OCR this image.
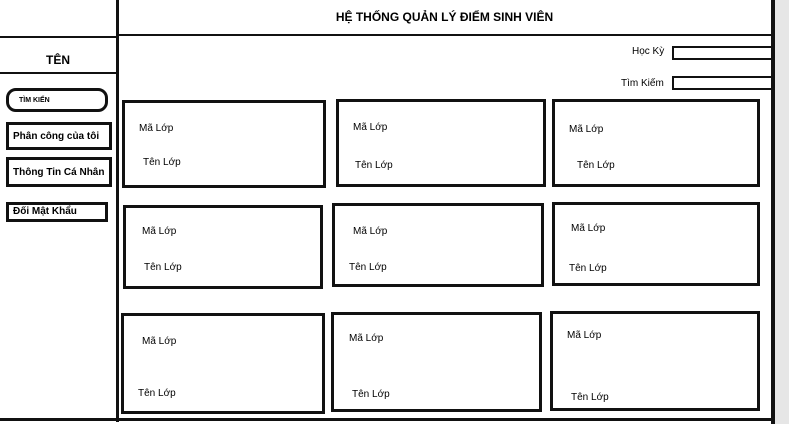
HỆ THỐNG QUẢN LÝ ĐIỂM SINH VIÊN
TÊN
TÌM KIẾN
Phân công của tôi
Thông Tin Cá Nhân
Đối Mật Khẩu
Học Kỳ
Tìm Kiếm
Mã Lớp
Tên Lớp
Mã Lớp
Tên Lớp
Mã Lớp
Tên Lớp
Mã Lớp
Tên Lớp
Mã Lớp
Tên Lớp
Mã Lớp
Tên Lớp
Mã Lớp
Tên Lớp
Mã Lớp
Tên Lớp
Mã Lớp
Tên Lớp
